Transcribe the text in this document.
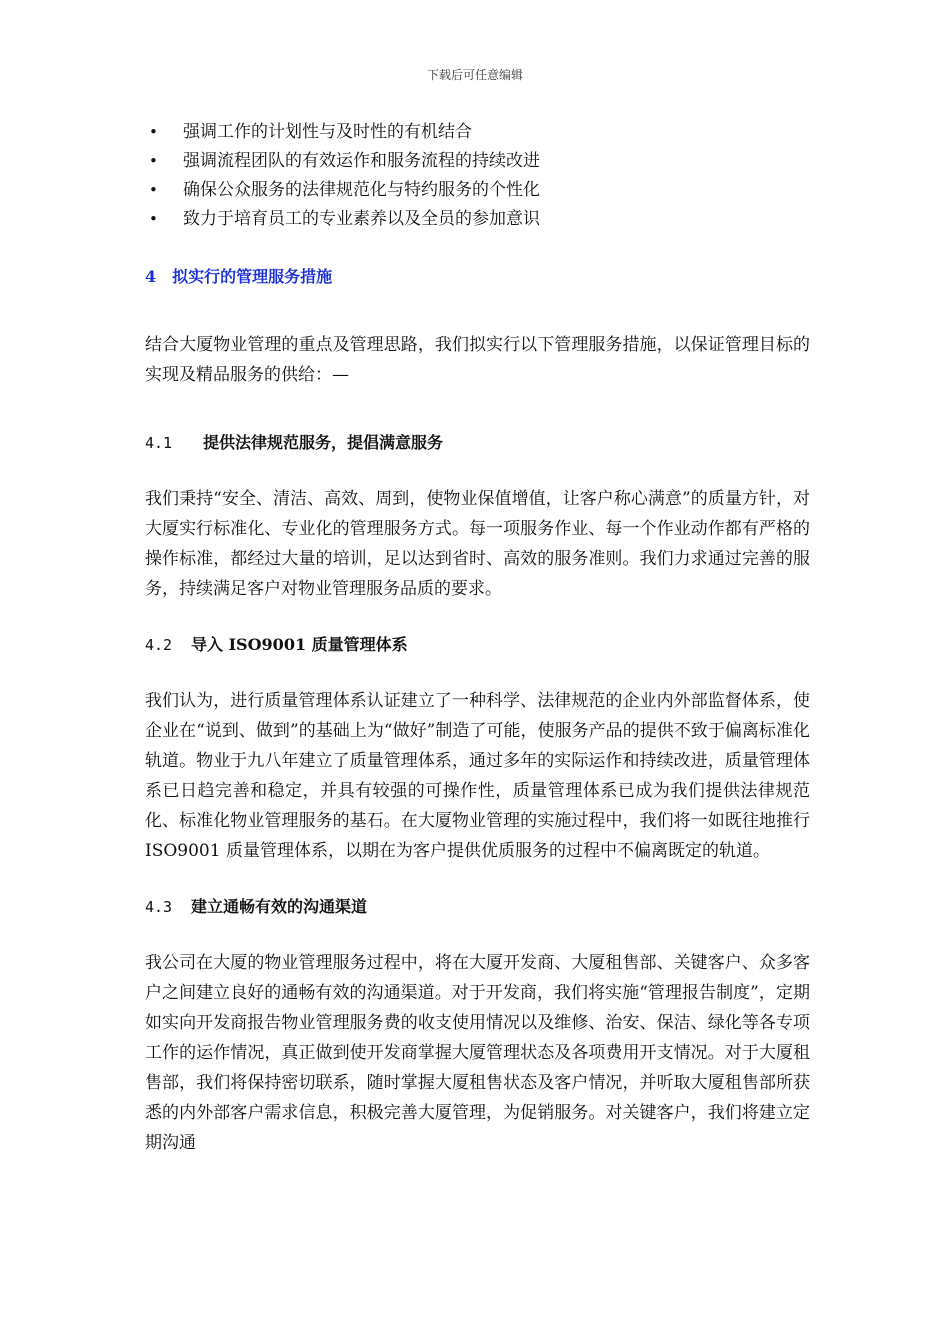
下载后可任意编辑
• 强调工作的计划性与及时性的有机结合
• 强调流程团队的有效运作和服务流程的持续改进
• 确保公众服务的法律规范化与特约服务的个性化
• 致力于培育员工的专业素养以及全员的参加意识
4　拟实行的管理服务措施

结合大厦物业管理的重点及管理思路，我们拟实行以下管理服务措施，以保证管理目标的实现及精品服务的供给：—

4.1 提供法律规范服务，提倡满意服务

我们秉持“安全、清洁、高效、周到，使物业保值增值，让客户称心满意”的质量方针，对大厦实行标准化、专业化的管理服务方式。每一项服务作业、每一个作业动作都有严格的操作标准，都经过大量的培训，足以达到省时、高效的服务准则。我们力求通过完善的服务，持续满足客户对物业管理服务品质的要求。

4.2 导入 ISO9001 质量管理体系

我们认为，进行质量管理体系认证建立了一种科学、法律规范的企业内外部监督体系，使企业在“说到、做到”的基础上为“做好”制造了可能，使服务产品的提供不致于偏离标准化轨道。物业于九八年建立了质量管理体系，通过多年的实际运作和持续改进，质量管理体系已日趋完善和稳定，并具有较强的可操作性，质量管理体系已成为我们提供法律规范化、标准化物业管理服务的基石。在大厦物业管理的实施过程中，我们将一如既往地推行 ISO9001 质量管理体系，以期在为客户提供优质服务的过程中不偏离既定的轨道。

4.3 建立通畅有效的沟通渠道

我公司在大厦的物业管理服务过程中，将在大厦开发商、大厦租售部、关键客户、众多客户之间建立良好的通畅有效的沟通渠道。对于开发商，我们将实施“管理报告制度”，定期如实向开发商报告物业管理服务费的收支使用情况以及维修、治安、保洁、绿化等各专项工作的运作情况，真正做到使开发商掌握大厦管理状态及各项费用开支情况。对于大厦租售部，我们将保持密切联系，随时掌握大厦租售状态及客户情况，并听取大厦租售部所获悉的内外部客户需求信息，积极完善大厦管理，为促销服务。对关键客户，我们将建立定期沟通
